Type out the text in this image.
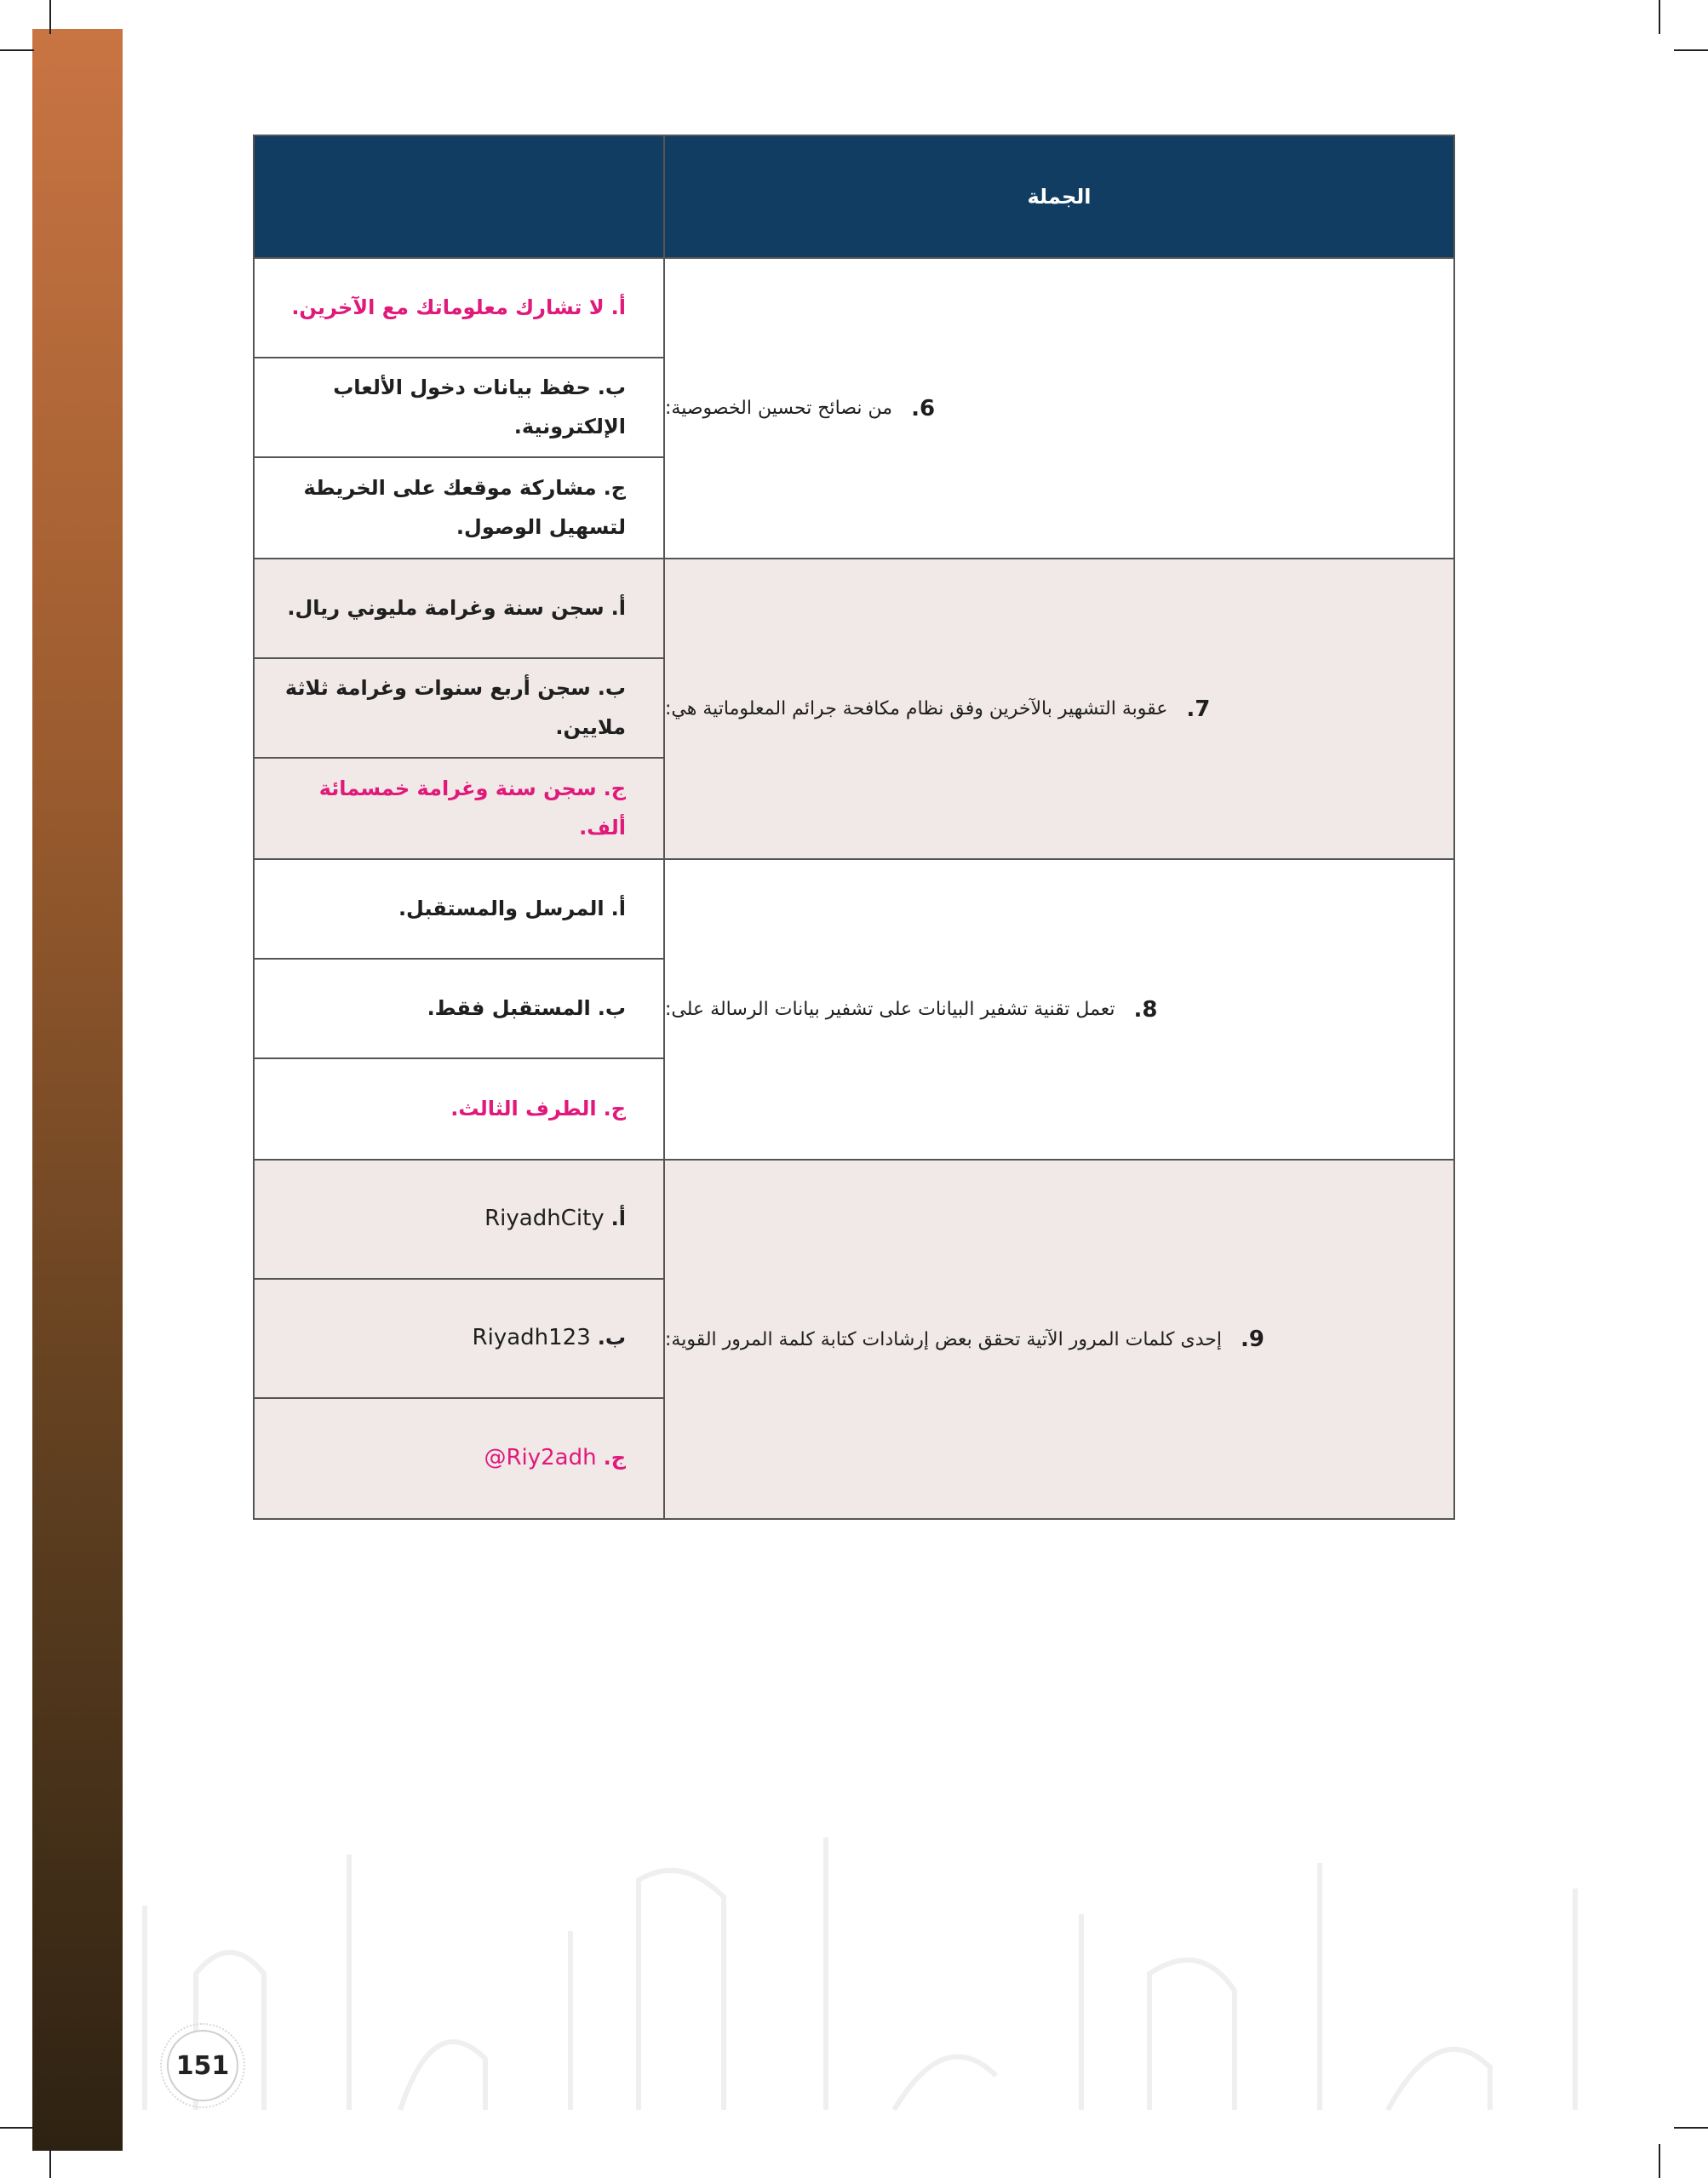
الجملة
أ.لا تشارك معلوماتك مع الآخرين.
ب.حفظ بيانات دخول الألعاب الإلكترونية.
ج.مشاركة موقعك على الخريطة لتسهيل الوصول.
6.
من نصائح تحسين الخصوصية:
أ.سجن سنة وغرامة مليوني ريال.
ب.سجن أربع سنوات وغرامة ثلاثة ملايين.
ج.سجن سنة وغرامة خمسمائة ألف.
7.
عقوبة التشهير بالآخرين وفق نظام مكافحة جرائم المعلوماتية هي:
أ.المرسل والمستقبل.
ب.المستقبل فقط.
ج.الطرف الثالث.
8.
تعمل تقنية تشفير البيانات على تشفير بيانات الرسالة على:
أ.RiyadhCity
ب.Riyadh123
ج.Riy2adh@
9.
إحدى كلمات المرور الآتية تحقق بعض إرشادات كتابة كلمة المرور القوية:
151
